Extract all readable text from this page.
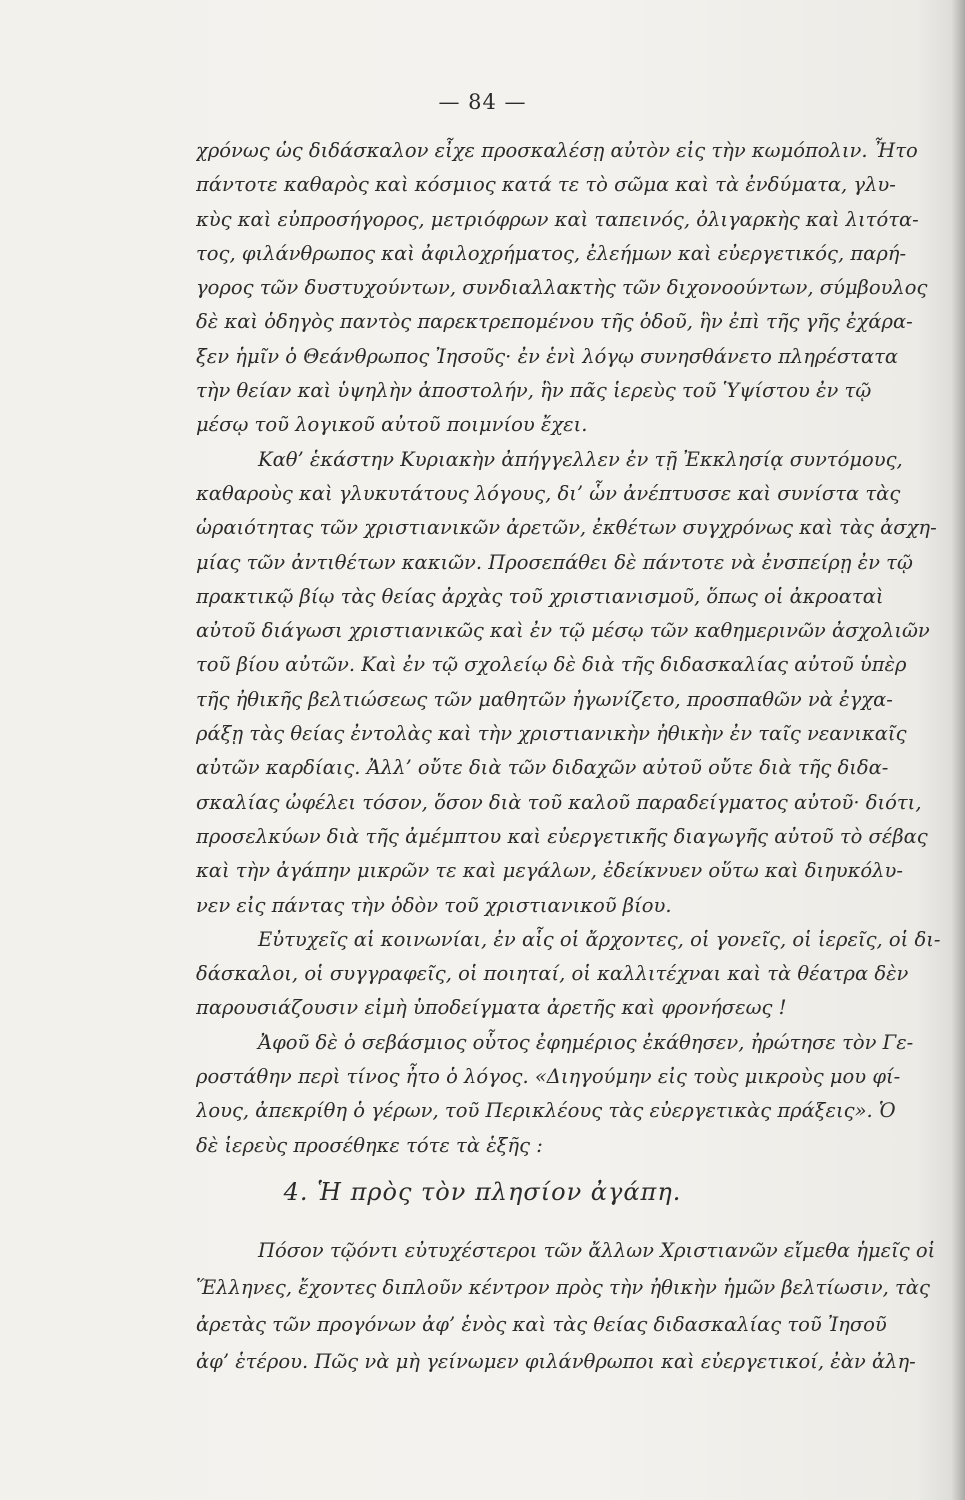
— 84 —
χρόνως ὡς διδάσκαλον εἶχε προσκαλέσῃ αὐτὸν εἰς τὴν κωμόπολιν. Ἦτο
πάντοτε καθαρὸς καὶ κόσμιος κατά τε τὸ σῶμα καὶ τὰ ἐνδύματα, γλυ-
κὺς καὶ εὐπροσήγορος, μετριόφρων καὶ ταπεινός, ὀλιγαρκὴς καὶ λιτότα-
τος, φιλάνθρωπος καὶ ἀφιλοχρήματος, ἐλεήμων καὶ εὐεργετικός, παρή-
γορος τῶν δυστυχούντων, συνδιαλλακτὴς τῶν διχονοούντων, σύμβουλος
δὲ καὶ ὁδηγὸς παντὸς παρεκτρεπομένου τῆς ὁδοῦ, ἣν ἐπὶ τῆς γῆς ἐχάρα-
ξεν ἡμῖν ὁ Θεάνθρωπος Ἰησοῦς· ἐν ἑνὶ λόγῳ συνησθάνετο πληρέστατα
τὴν θείαν καὶ ὑψηλὴν ἀποστολήν, ἣν πᾶς ἱερεὺς τοῦ Ὑψίστου ἐν τῷ
μέσῳ τοῦ λογικοῦ αὐτοῦ ποιμνίου ἔχει.
Καθ’ ἑκάστην Κυριακὴν ἀπήγγελλεν ἐν τῇ Ἐκκλησίᾳ συντόμους,
καθαροὺς καὶ γλυκυτάτους λόγους, δι’ ὧν ἀνέπτυσσε καὶ συνίστα τὰς
ὡραιότητας τῶν χριστιανικῶν ἀρετῶν, ἐκθέτων συγχρόνως καὶ τὰς ἀσχη-
μίας τῶν ἀντιθέτων κακιῶν. Προσεπάθει δὲ πάντοτε νὰ ἐνσπείρῃ ἐν τῷ
πρακτικῷ βίῳ τὰς θείας ἀρχὰς τοῦ χριστιανισμοῦ, ὅπως οἱ ἀκροαταὶ
αὐτοῦ διάγωσι χριστιανικῶς καὶ ἐν τῷ μέσῳ τῶν καθημερινῶν ἀσχολιῶν
τοῦ βίου αὐτῶν. Καὶ ἐν τῷ σχολείῳ δὲ διὰ τῆς διδασκαλίας αὐτοῦ ὑπὲρ
τῆς ἠθικῆς βελτιώσεως τῶν μαθητῶν ἠγωνίζετο, προσπαθῶν νὰ ἐγχα-
ράξῃ τὰς θείας ἐντολὰς καὶ τὴν χριστιανικὴν ἠθικὴν ἐν ταῖς νεανικαῖς
αὐτῶν καρδίαις. Ἀλλ’ οὔτε διὰ τῶν διδαχῶν αὐτοῦ οὔτε διὰ τῆς διδα-
σκαλίας ὠφέλει τόσον, ὅσον διὰ τοῦ καλοῦ παραδείγματος αὐτοῦ· διότι,
προσελκύων διὰ τῆς ἀμέμπτου καὶ εὐεργετικῆς διαγωγῆς αὐτοῦ τὸ σέβας
καὶ τὴν ἀγάπην μικρῶν τε καὶ μεγάλων, ἐδείκνυεν οὕτω καὶ διηυκόλυ-
νεν εἰς πάντας τὴν ὁδὸν τοῦ χριστιανικοῦ βίου.
Εὐτυχεῖς αἱ κοινωνίαι, ἐν αἷς οἱ ἄρχοντες, οἱ γονεῖς, οἱ ἱερεῖς, οἱ δι-
δάσκαλοι, οἱ συγγραφεῖς, οἱ ποιηταί, οἱ καλλιτέχναι καὶ τὰ θέατρα δὲν
παρουσιάζουσιν εἰμὴ ὑποδείγματα ἀρετῆς καὶ φρονήσεως !
Ἀφοῦ δὲ ὁ σεβάσμιος οὗτος ἐφημέριος ἐκάθησεν, ἠρώτησε τὸν Γε-
ροστάθην περὶ τίνος ἦτο ὁ λόγος. «Διηγούμην εἰς τοὺς μικροὺς μου φί-
λους, ἀπεκρίθη ὁ γέρων, τοῦ Περικλέους τὰς εὐεργετικὰς πράξεις». Ὁ
δὲ ἱερεὺς προσέθηκε τότε τὰ ἑξῆς :
4. Ἡ πρὸς τὸν πλησίον ἀγάπη.
Πόσον τῷόντι εὐτυχέστεροι τῶν ἄλλων Χριστιανῶν εἴμεθα ἡμεῖς οἱ
Ἕλληνες, ἔχοντες διπλοῦν κέντρον πρὸς τὴν ἠθικὴν ἡμῶν βελτίωσιν, τὰς
ἀρετὰς τῶν προγόνων ἀφ’ ἑνὸς καὶ τὰς θείας διδασκαλίας τοῦ Ἰησοῦ
ἀφ’ ἑτέρου. Πῶς νὰ μὴ γείνωμεν φιλάνθρωποι καὶ εὐεργετικοί, ἐὰν ἀλη-
